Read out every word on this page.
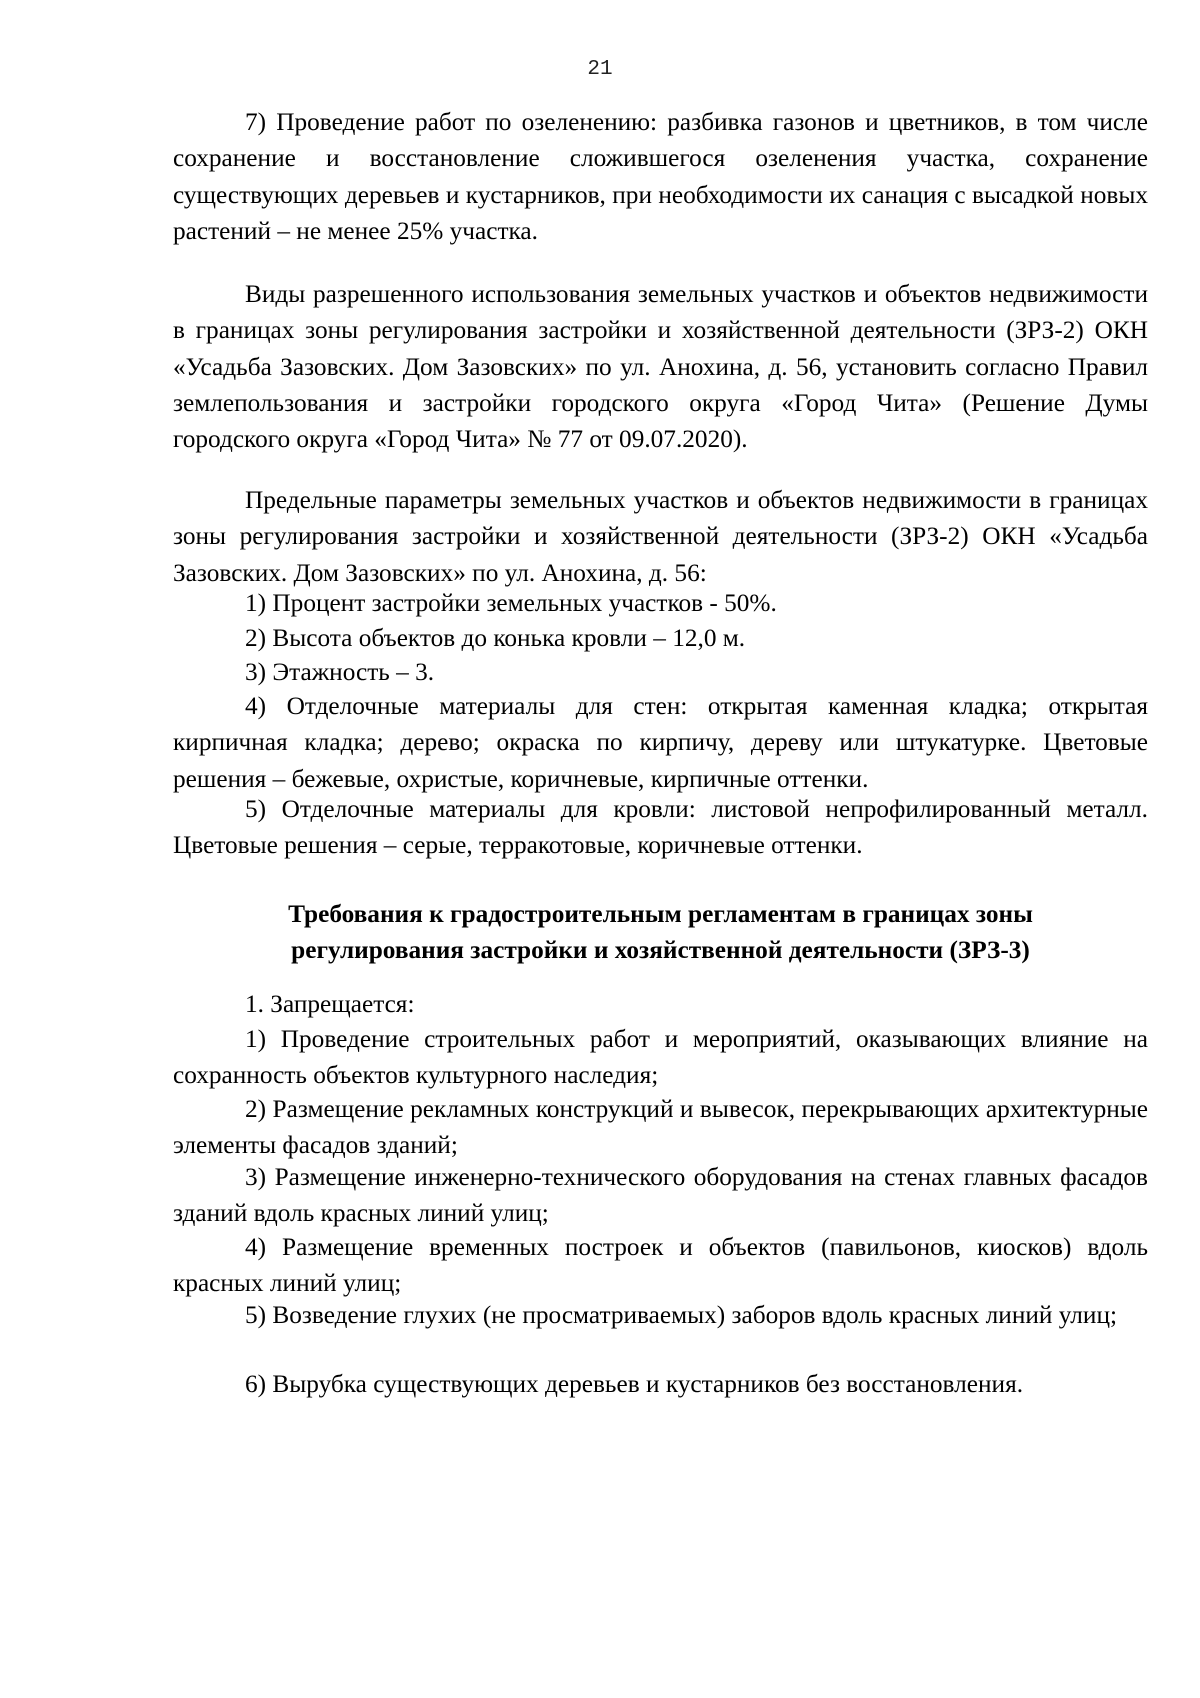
21

7) Проведение работ по озеленению: разбивка газонов и цветников, в том числе сохранение и восстановление сложившегося озеленения участка, сохранение существующих деревьев и кустарников, при необходимости их санация с высадкой новых растений – не менее 25% участка.

Виды разрешенного использования земельных участков и объектов недвижимости в границах зоны регулирования застройки и хозяйственной деятельности (ЗРЗ-2) ОКН «Усадьба Зазовских. Дом Зазовских» по ул. Анохина, д. 56, установить согласно Правил землепользования и застройки городского округа «Город Чита» (Решение Думы городского округа «Город Чита» № 77 от 09.07.2020).

Предельные параметры земельных участков и объектов недвижимости в границах зоны регулирования застройки и хозяйственной деятельности (ЗРЗ-2) ОКН «Усадьба Зазовских. Дом Зазовских» по ул. Анохина, д. 56:

1) Процент застройки земельных участков - 50%.

2) Высота объектов до конька кровли – 12,0 м.

3) Этажность – 3.

4) Отделочные материалы для стен: открытая каменная кладка; открытая кирпичная кладка; дерево; окраска по кирпичу, дереву или штукатурке. Цветовые решения – бежевые, охристые, коричневые, кирпичные оттенки.

5) Отделочные материалы для кровли: листовой непрофилированный металл. Цветовые решения – серые, терракотовые, коричневые оттенки.

Требования к градостроительным регламентам в границах зоны
регулирования застройки и хозяйственной деятельности (ЗРЗ-3)

1. Запрещается:

1) Проведение строительных работ и мероприятий, оказывающих влияние на сохранность объектов культурного наследия;

2) Размещение рекламных конструкций и вывесок, перекрывающих архитектурные элементы фасадов зданий;

3) Размещение инженерно-технического оборудования на стенах главных фасадов зданий вдоль красных линий улиц;

4) Размещение временных построек и объектов (павильонов, киосков) вдоль красных линий улиц;

5) Возведение глухих (не просматриваемых) заборов вдоль красных линий улиц;

6) Вырубка существующих деревьев и кустарников без восстановления.
